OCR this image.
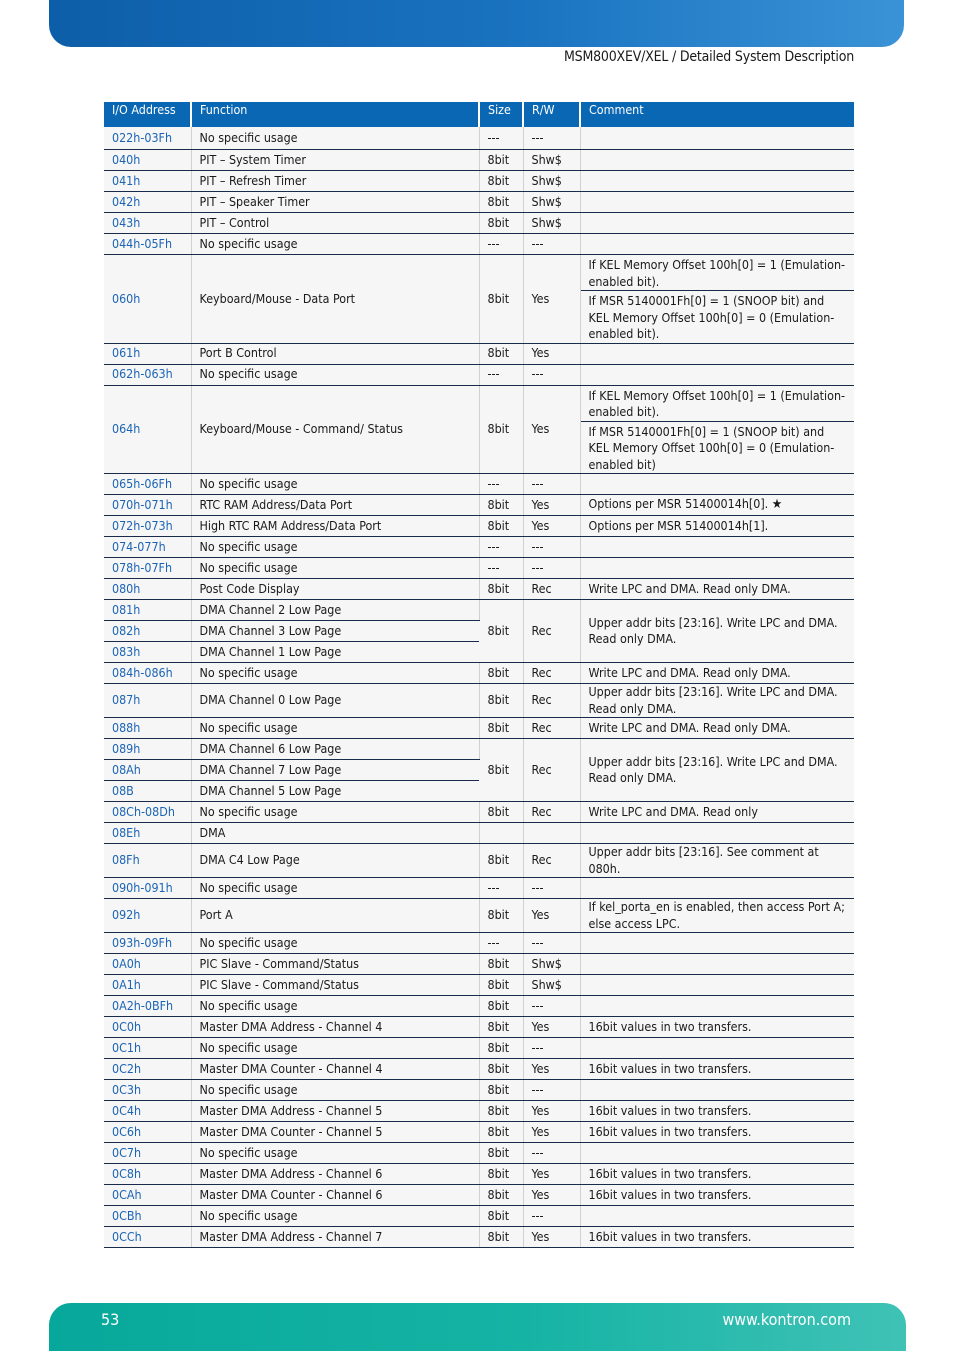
MSM800XEV/XEL / Detailed System Description
I/O Address	Function	Size	R/W	Comment
022h-03Fh	No specific usage	---	---	
040h	PIT – System Timer	8bit	Shw$	
041h	PIT – Refresh Timer	8bit	Shw$	
042h	PIT – Speaker Timer	8bit	Shw$	
043h	PIT – Control	8bit	Shw$	
044h-05Fh	No specific usage	---	---	
060h	Keyboard/Mouse - Data Port	8bit	Yes	If KEL Memory Offset 100h[0] = 1 (Emulation-enabled bit).
				If MSR 5140001Fh[0] = 1 (SNOOP bit) and KEL Memory Offset 100h[0] = 0 (Emulation-enabled bit).
061h	Port B Control	8bit	Yes	
062h-063h	No specific usage	---	---	
064h	Keyboard/Mouse - Command/ Status	8bit	Yes	If KEL Memory Offset 100h[0] = 1 (Emulation-enabled bit).
				If MSR 5140001Fh[0] = 1 (SNOOP bit) and KEL Memory Offset 100h[0] = 0 (Emulation-enabled bit)
065h-06Fh	No specific usage	---	---	
070h-071h	RTC RAM Address/Data Port	8bit	Yes	Options per MSR 51400014h[0]. ★
072h-073h	High RTC RAM Address/Data Port	8bit	Yes	Options per MSR 51400014h[1].
074-077h	No specific usage	---	---	
078h-07Fh	No specific usage	---	---	
080h	Post Code Display	8bit	Rec	Write LPC and DMA. Read only DMA.
081h	DMA Channel 2 Low Page	8bit	Rec	Upper addr bits [23:16]. Write LPC and DMA. Read only DMA.
082h	DMA Channel 3 Low Page			
083h	DMA Channel 1 Low Page			
084h-086h	No specific usage	8bit	Rec	Write LPC and DMA. Read only DMA.
087h	DMA Channel 0 Low Page	8bit	Rec	Upper addr bits [23:16]. Write LPC and DMA. Read only DMA.
088h	No specific usage	8bit	Rec	Write LPC and DMA. Read only DMA.
089h	DMA Channel 6 Low Page	8bit	Rec	Upper addr bits [23:16]. Write LPC and DMA. Read only DMA.
08Ah	DMA Channel 7 Low Page			
08B	DMA Channel 5 Low Page			
08Ch-08Dh	No specific usage	8bit	Rec	Write LPC and DMA. Read only
08Eh	DMA			
08Fh	DMA C4 Low Page	8bit	Rec	Upper addr bits [23:16]. See comment at 080h.
090h-091h	No specific usage	---	---	
092h	Port A	8bit	Yes	If kel_porta_en is enabled, then access Port A; else access LPC.
093h-09Fh	No specific usage	---	---	
0A0h	PIC Slave - Command/Status	8bit	Shw$	
0A1h	PIC Slave - Command/Status	8bit	Shw$	
0A2h-0BFh	No specific usage	8bit	---	
0C0h	Master DMA Address - Channel 4	8bit	Yes	16bit values in two transfers.
0C1h	No specific usage	8bit	---	
0C2h	Master DMA Counter - Channel 4	8bit	Yes	16bit values in two transfers.
0C3h	No specific usage	8bit	---	
0C4h	Master DMA Address - Channel 5	8bit	Yes	16bit values in two transfers.
0C6h	Master DMA Counter - Channel 5	8bit	Yes	16bit values in two transfers.
0C7h	No specific usage	8bit	---	
0C8h	Master DMA Address - Channel 6	8bit	Yes	16bit values in two transfers.
0CAh	Master DMA Counter - Channel 6	8bit	Yes	16bit values in two transfers.
0CBh	No specific usage	8bit	---	
0CCh	Master DMA Address - Channel 7	8bit	Yes	16bit values in two transfers.
53	www.kontron.com
